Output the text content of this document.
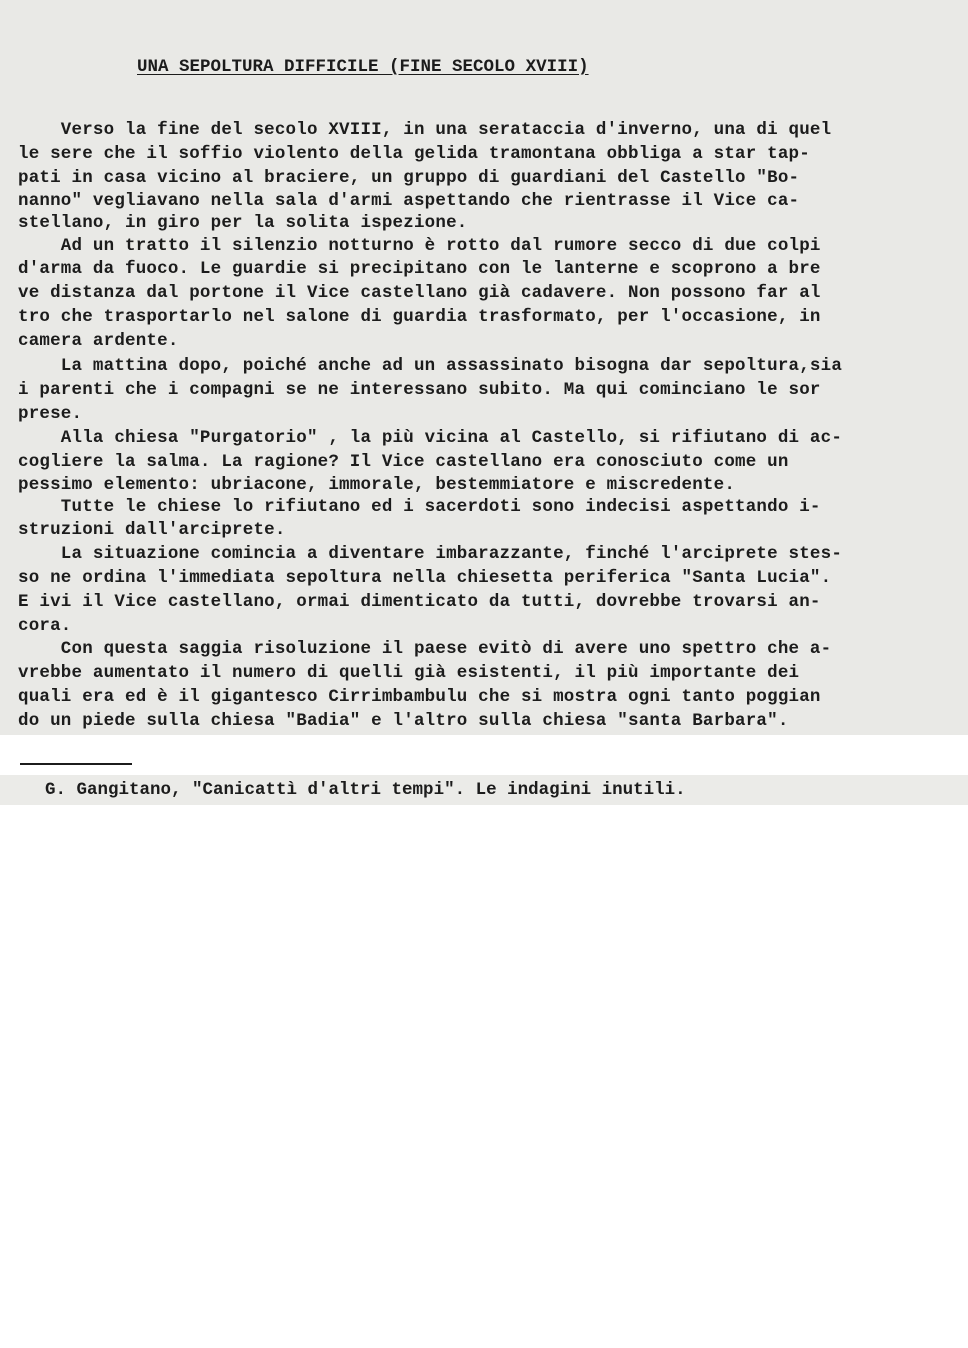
UNA SEPOLTURA DIFFICILE (FINE SECOLO XVIII)
Verso la fine del secolo XVIII, in una serataccia d'inverno, una di quel
le sere che il soffio violento della gelida tramontana obbliga a star tap-
pati in casa vicino al braciere, un gruppo di guardiani del Castello "Bo-
nanno" vegliavano nella sala d'armi aspettando che rientrasse il Vice ca-
stellano, in giro per la solita ispezione.
Ad un tratto il silenzio notturno è rotto dal rumore secco di due colpi
d'arma da fuoco. Le guardie si precipitano con le lanterne e scoprono a bre
ve distanza dal portone il Vice castellano già cadavere. Non possono far al
tro che trasportarlo nel salone di guardia trasformato, per l'occasione, in
camera ardente.
La mattina dopo, poiché anche ad un assassinato bisogna dar sepoltura,sia
i parenti che i compagni se ne interessano subito. Ma qui cominciano le sor
prese.
Alla chiesa "Purgatorio" , la più vicina al Castello, si rifiutano di ac-
cogliere la salma. La ragione? Il Vice castellano era conosciuto come un
pessimo elemento: ubriacone, immorale, bestemmiatore e miscredente.
Tutte le chiese lo rifiutano ed i sacerdoti sono indecisi aspettando i-
struzioni dall'arciprete.
La situazione comincia a diventare imbarazzante, finché l'arciprete stes-
so ne ordina l'immediata sepoltura nella chiesetta periferica "Santa Lucia".
E ivi il Vice castellano, ormai dimenticato da tutti, dovrebbe trovarsi an-
cora.
Con questa saggia risoluzione il paese evitò di avere uno spettro che a-
vrebbe aumentato il numero di quelli già esistenti, il più importante dei
quali era ed è il gigantesco Cirrimbambulu che si mostra ogni tanto poggian
do un piede sulla chiesa "Badia" e l'altro sulla chiesa "santa Barbara".
G. Gangitano, "Canicattì d'altri tempi". Le indagini inutili.
